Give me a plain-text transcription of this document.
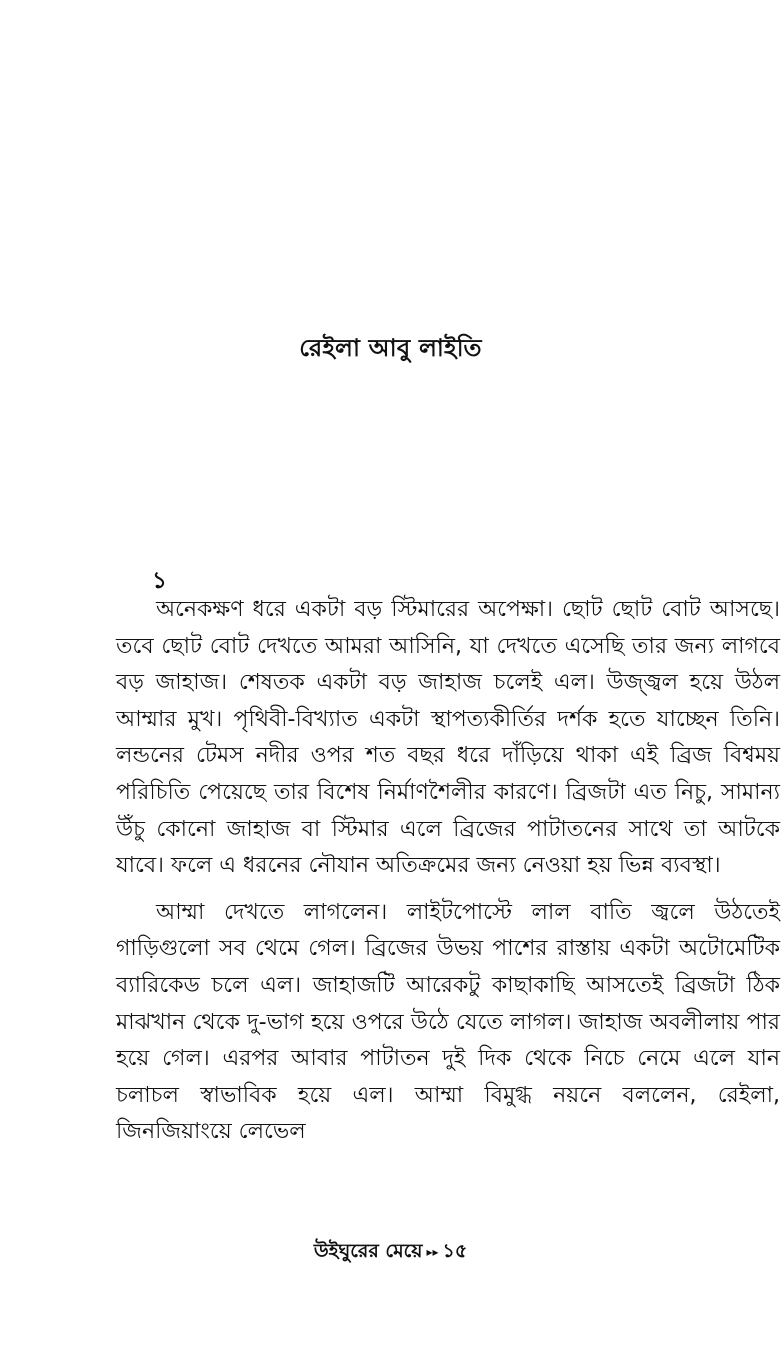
রেইলা আবু লাইতি
১

অনেকক্ষণ ধরে একটা বড় স্টিমারের অপেক্ষা। ছোট ছোট বোট আসছে। তবে ছোট বোট দেখতে আমরা আসিনি, যা দেখতে এসেছি তার জন্য লাগবে বড় জাহাজ। শেষতক একটা বড় জাহাজ চলেই এল। উজ্জ্বল হয়ে উঠল আম্মার মুখ। পৃথিবী-বিখ্যাত একটা স্থাপত্যকীর্তির দর্শক হতে যাচ্ছেন তিনি। লন্ডনের টেমস নদীর ওপর শত বছর ধরে দাঁড়িয়ে থাকা এই ব্রিজ বিশ্বময় পরিচিতি পেয়েছে তার বিশেষ নির্মাণশৈলীর কারণে। ব্রিজটা এত নিচু, সামান্য উঁচু কোনো জাহাজ বা স্টিমার এলে ব্রিজের পাটাতনের সাথে তা আটকে যাবে। ফলে এ ধরনের নৌযান অতিক্রমের জন্য নেওয়া হয় ভিন্ন ব্যবস্থা।

আম্মা দেখতে লাগলেন। লাইটপোস্টে লাল বাতি জ্বলে উঠতেই গাড়িগুলো সব থেমে গেল। ব্রিজের উভয় পাশের রাস্তায় একটা অটোমেটিক ব্যারিকেড চলে এল। জাহাজটি আরেকটু কাছাকাছি আসতেই ব্রিজটা ঠিক মাঝখান থেকে দু-ভাগ হয়ে ওপরে উঠে যেতে লাগল। জাহাজ অবলীলায় পার হয়ে গেল। এরপর আবার পাটাতন দুই দিক থেকে নিচে নেমে এলে যান চলাচল স্বাভাবিক হয়ে এল। আম্মা বিমুগ্ধ নয়নে বললেন, রেইলা, জিনজিয়াংয়ে লেভেল

উইঘুরের মেয়ে ▸▸ ১৫
